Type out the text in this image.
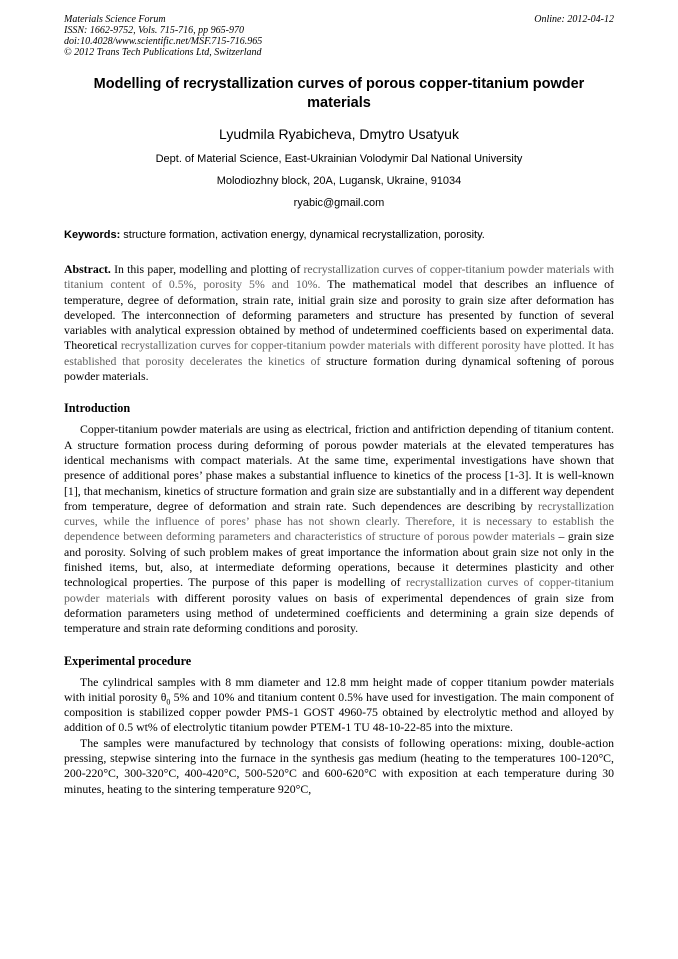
Materials Science Forum
ISSN: 1662-9752, Vols. 715-716, pp 965-970
doi:10.4028/www.scientific.net/MSF.715-716.965
© 2012 Trans Tech Publications Ltd, Switzerland
Online: 2012-04-12
Modelling of recrystallization curves of porous copper-titanium powder materials
Lyudmila Ryabicheva, Dmytro Usatyuk
Dept. of Material Science, East-Ukrainian Volodymir Dal National University
Molodiozhny block, 20A, Lugansk, Ukraine, 91034
ryabic@gmail.com
Keywords: structure formation, activation energy, dynamical recrystallization, porosity.
Abstract. In this paper, modelling and plotting of recrystallization curves of copper-titanium powder materials with titanium content of 0.5%, porosity 5% and 10%. The mathematical model that describes an influence of temperature, degree of deformation, strain rate, initial grain size and porosity to grain size after deformation has developed. The interconnection of deforming parameters and structure has presented by function of several variables with analytical expression obtained by method of undetermined coefficients based on experimental data. Theoretical recrystallization curves for copper-titanium powder materials with different porosity have plotted. It has established that porosity decelerates the kinetics of structure formation during dynamical softening of porous powder materials.
Introduction

Copper-titanium powder materials are using as electrical, friction and antifriction depending of titanium content. A structure formation process during deforming of porous powder materials at the elevated temperatures has identical mechanisms with compact materials. At the same time, experimental investigations have shown that presence of additional pores’ phase makes a substantial influence to kinetics of the process [1-3]. It is well-known [1], that mechanism, kinetics of structure formation and grain size are substantially and in a different way dependent from temperature, degree of deformation and strain rate. Such dependences are describing by recrystallization curves, while the influence of pores’ phase has not shown clearly. Therefore, it is necessary to establish the dependence between deforming parameters and characteristics of structure of porous powder materials – grain size and porosity. Solving of such problem makes of great importance the information about grain size not only in the finished items, but, also, at intermediate deforming operations, because it determines plasticity and other technological properties. The purpose of this paper is modelling of recrystallization curves of copper-titanium powder materials with different porosity values on basis of experimental dependences of grain size from deformation parameters using method of undetermined coefficients and determining a grain size depends of temperature and strain rate deforming conditions and porosity.

Experimental procedure

The cylindrical samples with 8 mm diameter and 12.8 mm height made of copper titanium powder materials with initial porosity $\theta_0$ 5% and 10% and titanium content 0.5% have used for investigation. The main component of composition is stabilized copper powder PMS-1 GOST 4960-75 obtained by electrolytic method and alloyed by addition of 0.5 wt% of electrolytic titanium powder PTEM-1 TU 48-10-22-85 into the mixture.

The samples were manufactured by technology that consists of following operations: mixing, double-action pressing, stepwise sintering into the furnace in the synthesis gas medium (heating to the temperatures 100-120°C, 200-220°C, 300-320°C, 400-420°C, 500-520°C and 600-620°C with exposition at each temperature during 30 minutes, heating to the sintering temperature 920°C,
